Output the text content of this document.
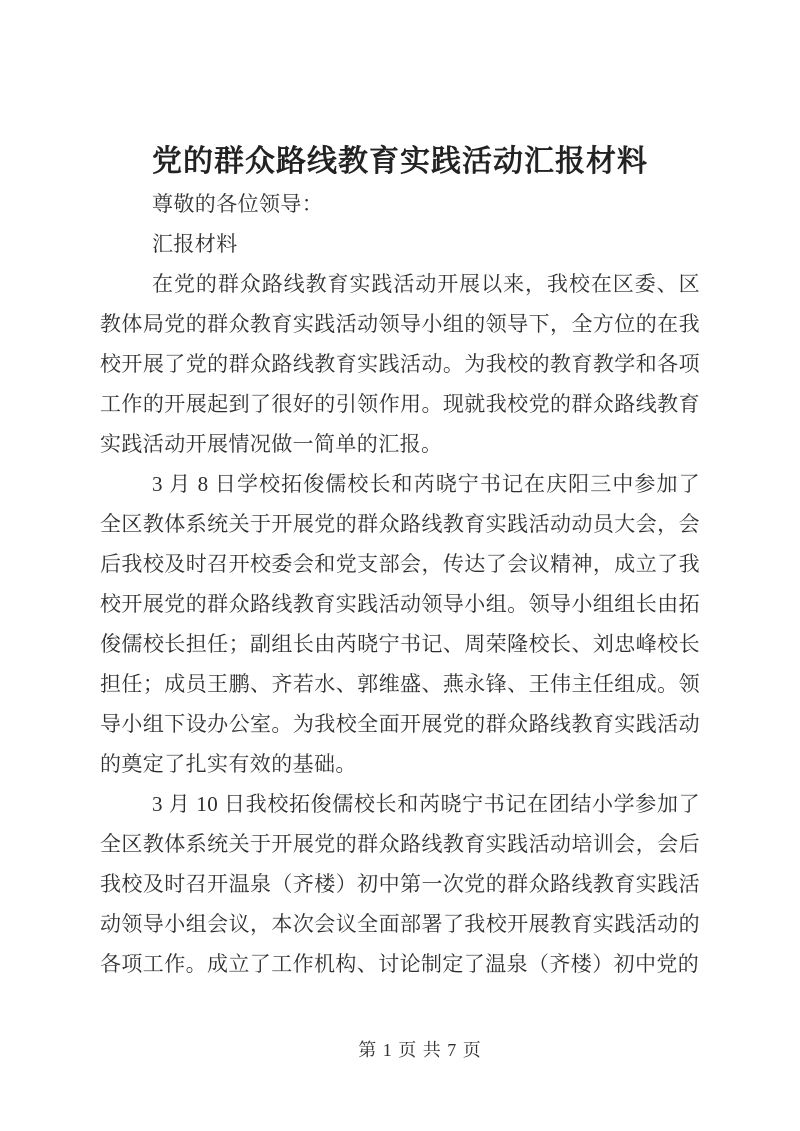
党的群众路线教育实践活动汇报材料

尊敬的各位领导：

汇报材料

在党的群众路线教育实践活动开展以来，我校在区委、区教体局党的群众教育实践活动领导小组的领导下，全方位的在我校开展了党的群众路线教育实践活动。为我校的教育教学和各项工作的开展起到了很好的引领作用。现就我校党的群众路线教育实践活动开展情况做一简单的汇报。

3 月 8 日学校拓俊儒校长和芮晓宁书记在庆阳三中参加了全区教体系统关于开展党的群众路线教育实践活动动员大会，会后我校及时召开校委会和党支部会，传达了会议精神，成立了我校开展党的群众路线教育实践活动领导小组。领导小组组长由拓俊儒校长担任；副组长由芮晓宁书记、周荣隆校长、刘忠峰校长担任；成员王鹏、齐若水、郭维盛、燕永锋、王伟主任组成。领导小组下设办公室。为我校全面开展党的群众路线教育实践活动的奠定了扎实有效的基础。

3 月 10 日我校拓俊儒校长和芮晓宁书记在团结小学参加了全区教体系统关于开展党的群众路线教育实践活动培训会，会后我校及时召开温泉（齐楼）初中第一次党的群众路线教育实践活动领导小组会议，本次会议全面部署了我校开展教育实践活动的各项工作。成立了工作机构、讨论制定了温泉（齐楼）初中党的

第 1 页 共 7 页
